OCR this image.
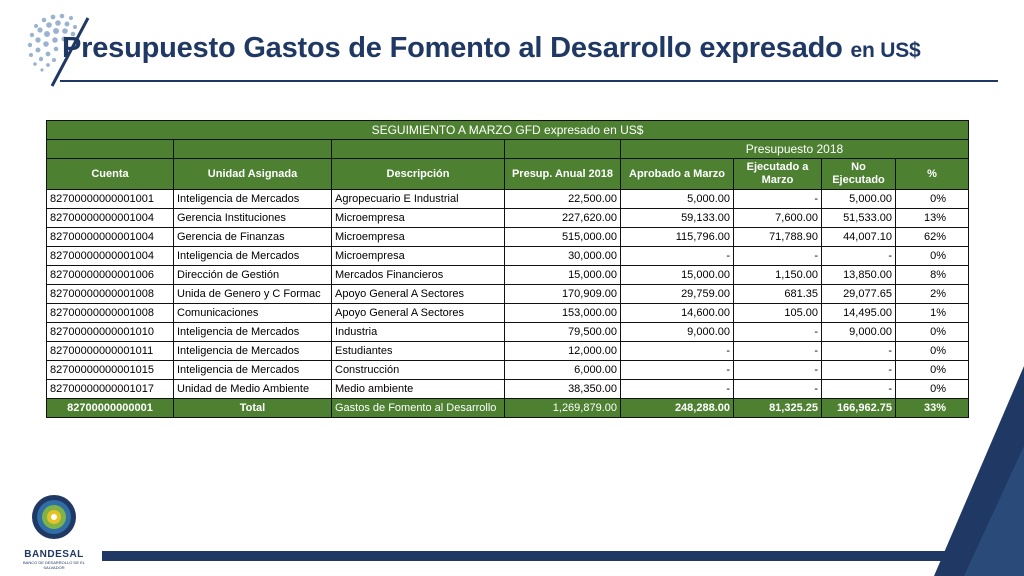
Presupuesto Gastos de Fomento al Desarrollo expresado en US$
SEGUIMIENTO A MARZO GFD expresado en US$							
				Presupuesto 2018			
Cuenta	Unidad Asignada	Descripción	Presup. Anual 2018	Aprobado a Marzo	Ejecutado a Marzo	No Ejecutado	%
82700000000001001	Inteligencia de Mercados	Agropecuario E Industrial	22,500.00	5,000.00	-	5,000.00	0%
82700000000001004	Gerencia Instituciones	Microempresa	227,620.00	59,133.00	7,600.00	51,533.00	13%
82700000000001004	Gerencia de Finanzas	Microempresa	515,000.00	115,796.00	71,788.90	44,007.10	62%
82700000000001004	Inteligencia de Mercados	Microempresa	30,000.00	-	-	-	0%
82700000000001006	Dirección de Gestión	Mercados Financieros	15,000.00	15,000.00	1,150.00	13,850.00	8%
82700000000001008	Unida de Genero y C Formac	Apoyo General A Sectores	170,909.00	29,759.00	681.35	29,077.65	2%
82700000000001008	Comunicaciones	Apoyo General A Sectores	153,000.00	14,600.00	105.00	14,495.00	1%
82700000000001010	Inteligencia de Mercados	Industria	79,500.00	9,000.00	-	9,000.00	0%
82700000000001011	Inteligencia de Mercados	Estudiantes	12,000.00	-	-	-	0%
82700000000001015	Inteligencia de Mercados	Construcción	6,000.00	-	-	-	0%
82700000000001017	Unidad de Medio Ambiente	Medio ambiente	38,350.00	-	-	-	0%
82700000000001	Total	Gastos de Fomento al Desarrollo	1,269,879.00	248,288.00	81,325.25	166,962.75	33%
BANDESAL
BANCO DE DESARROLLO DE EL SALVADOR
